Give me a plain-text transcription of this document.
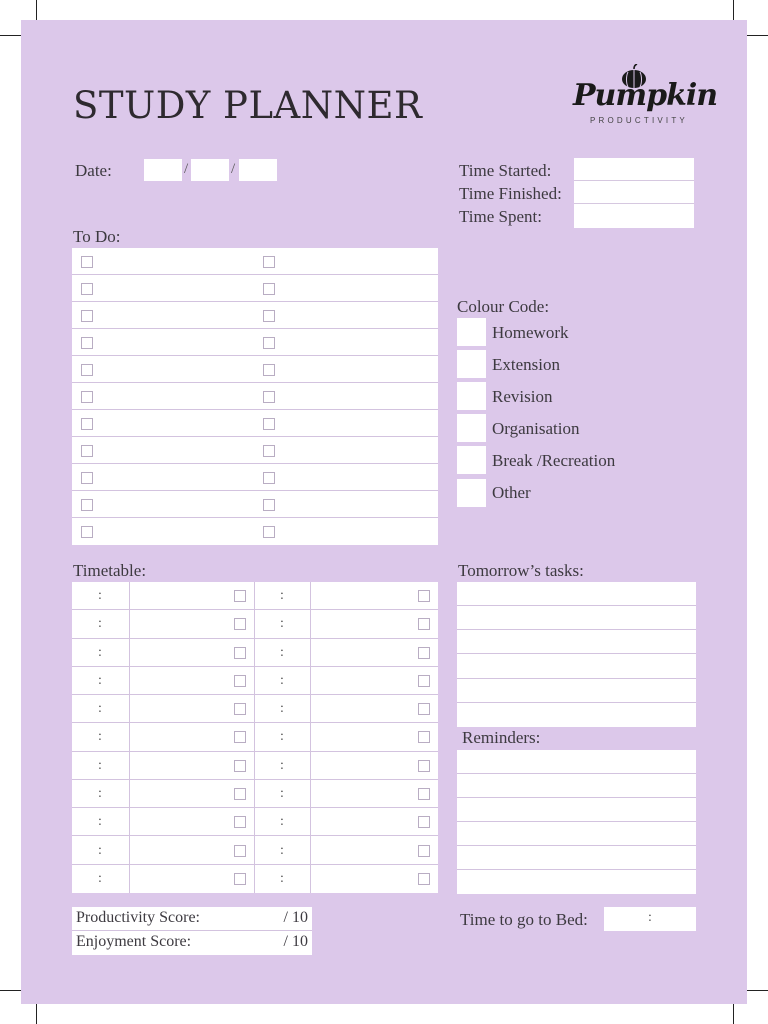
STUDY PLANNER	Pumpkin
PRODUCTIVITY
Date:	/	/	Time Started:
Time Finished:
Time Spent:
To Do:
Colour Code:
Homework
Extension
Revision
Organisation
Break /Recreation
Other
Timetable:
:	:
:	:
:	:
:	:
:	:
:	:
:	:
:	:
:	:
:	:
:	:
Tomorrow’s tasks:
Reminders:
Productivity Score:	/ 10
Enjoyment Score:	/ 10
Time to go to Bed:	:
